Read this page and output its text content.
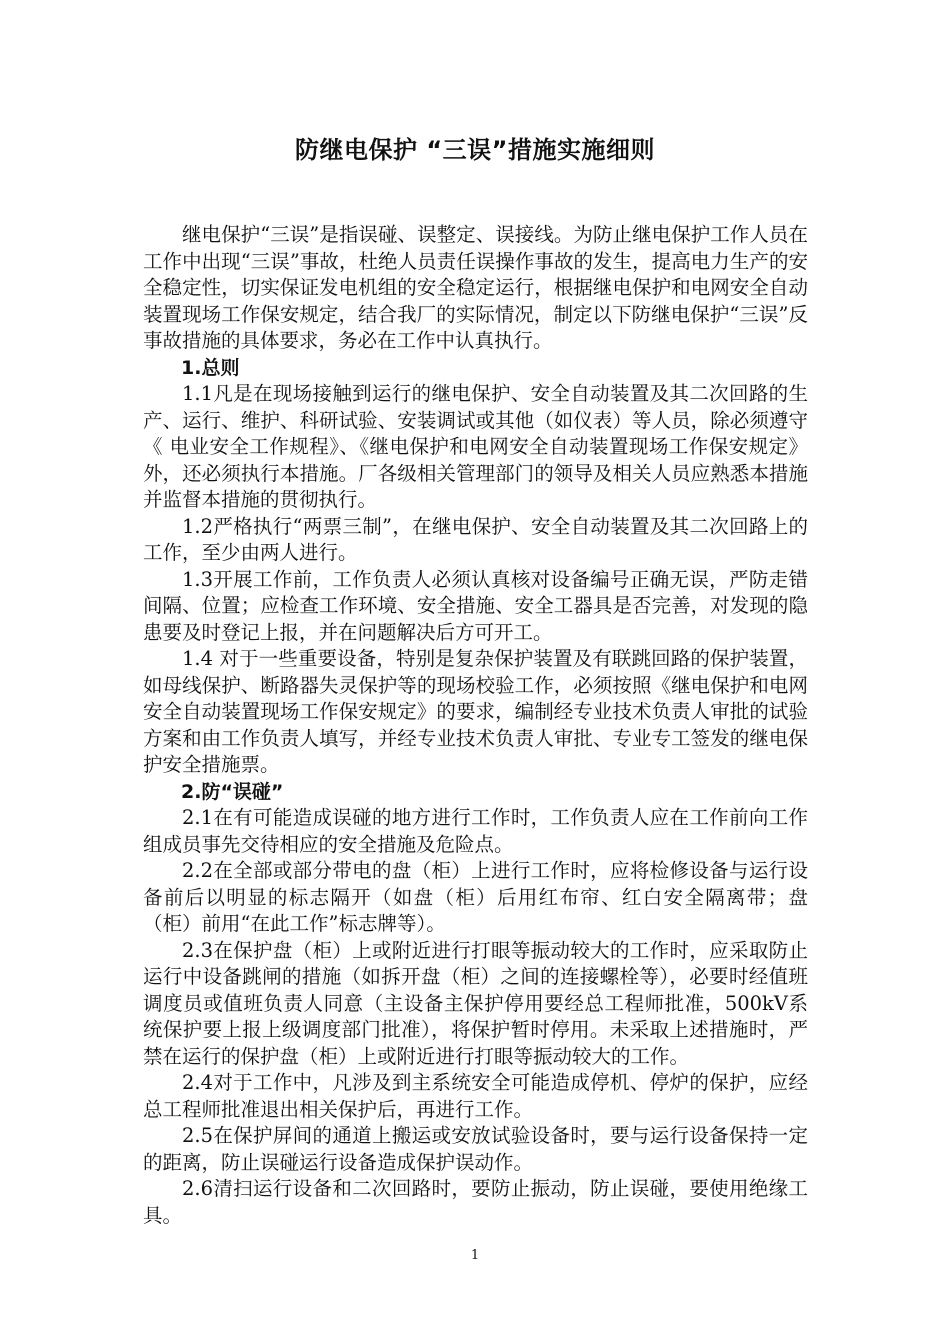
防继电保护 “三误”措施实施细则

继电保护“三误”是指误碰、误整定、误接线。为防止继电保护工作人员在工作中出现“三误”事故，杜绝人员责任误操作事故的发生，提高电力生产的安全稳定性，切实保证发电机组的安全稳定运行，根据继电保护和电网安全自动装置现场工作保安规定，结合我厂的实际情况，制定以下防继电保护“三误”反事故措施的具体要求，务必在工作中认真执行。

1.总则

1.1凡是在现场接触到运行的继电保护、安全自动装置及其二次回路的生产、运行、维护、科研试验、安装调试或其他（如仪表）等人员，除必须遵守《 电业安全工作规程》、《继电保护和电网安全自动装置现场工作保安规定》外，还必须执行本措施。厂各级相关管理部门的领导及相关人员应熟悉本措施并监督本措施的贯彻执行。

1.2严格执行“两票三制”，在继电保护、安全自动装置及其二次回路上的工作，至少由两人进行。

1.3开展工作前，工作负责人必须认真核对设备编号正确无误，严防走错间隔、位置；应检查工作环境、安全措施、安全工器具是否完善，对发现的隐患要及时登记上报，并在问题解决后方可开工。

1.4 对于一些重要设备，特别是复杂保护装置及有联跳回路的保护装置，如母线保护、断路器失灵保护等的现场校验工作，必须按照《继电保护和电网安全自动装置现场工作保安规定》的要求，编制经专业技术负责人审批的试验方案和由工作负责人填写，并经专业技术负责人审批、专业专工签发的继电保护安全措施票。

2.防“误碰”

2.1在有可能造成误碰的地方进行工作时，工作负责人应在工作前向工作组成员事先交待相应的安全措施及危险点。

2.2在全部或部分带电的盘（柜）上进行工作时，应将检修设备与运行设备前后以明显的标志隔开（如盘（柜）后用红布帘、红白安全隔离带；盘（柜）前用“在此工作”标志牌等）。

2.3在保护盘（柜）上或附近进行打眼等振动较大的工作时，应采取防止运行中设备跳闸的措施（如拆开盘（柜）之间的连接螺栓等），必要时经值班调度员或值班负责人同意（主设备主保护停用要经总工程师批准，500kV系统保护要上报上级调度部门批准），将保护暂时停用。未采取上述措施时，严禁在运行的保护盘（柜）上或附近进行打眼等振动较大的工作。

2.4对于工作中，凡涉及到主系统安全可能造成停机、停炉的保护，应经总工程师批准退出相关保护后，再进行工作。

2.5在保护屏间的通道上搬运或安放试验设备时，要与运行设备保持一定的距离，防止误碰运行设备造成保护误动作。

2.6清扫运行设备和二次回路时，要防止振动，防止误碰，要使用绝缘工具。

1
